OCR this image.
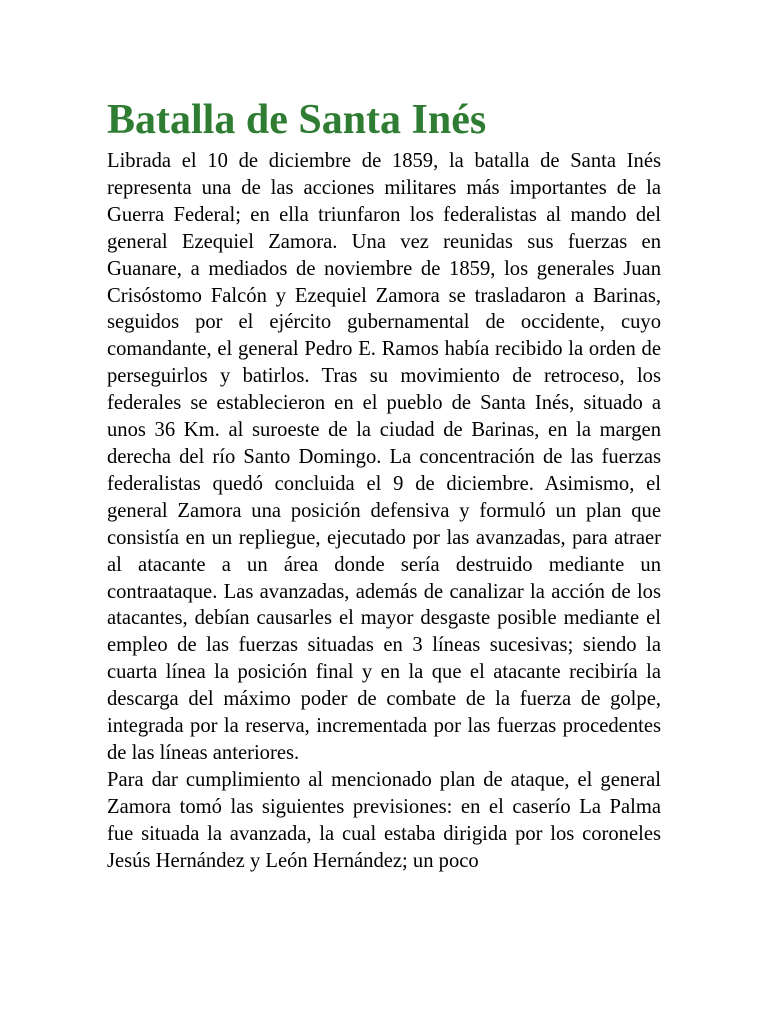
Batalla de Santa Inés

Librada el 10 de diciembre de 1859, la batalla de Santa Inés representa una de las acciones militares más importantes de la Guerra Federal; en ella triunfaron los federalistas al mando del general Ezequiel Zamora. Una vez reunidas sus fuerzas en Guanare, a mediados de noviembre de 1859, los generales Juan Crisóstomo Falcón y Ezequiel Zamora se trasladaron a Barinas, seguidos por el ejército gubernamental de occidente, cuyo comandante, el general Pedro E. Ramos había recibido la orden de perseguirlos y batirlos. Tras su movimiento de retroceso, los federales se establecieron en el pueblo de Santa Inés, situado a unos 36 Km. al suroeste de la ciudad de Barinas, en la margen derecha del río Santo Domingo. La concentración de las fuerzas federalistas quedó concluida el 9 de diciembre. Asimismo, el general Zamora una posición defensiva y formuló un plan que consistía en un repliegue, ejecutado por las avanzadas, para atraer al atacante a un área donde sería destruido mediante un contraataque. Las avanzadas, además de canalizar la acción de los atacantes, debían causarles el mayor desgaste posible mediante el empleo de las fuerzas situadas en 3 líneas sucesivas; siendo la cuarta línea la posición final y en la que el atacante recibiría la descarga del máximo poder de combate de la fuerza de golpe, integrada por la reserva, incrementada por las fuerzas procedentes de las líneas anteriores.

Para dar cumplimiento al mencionado plan de ataque, el general Zamora tomó las siguientes previsiones: en el caserío La Palma fue situada la avanzada, la cual estaba dirigida por los coroneles Jesús Hernández y León Hernández; un poco
